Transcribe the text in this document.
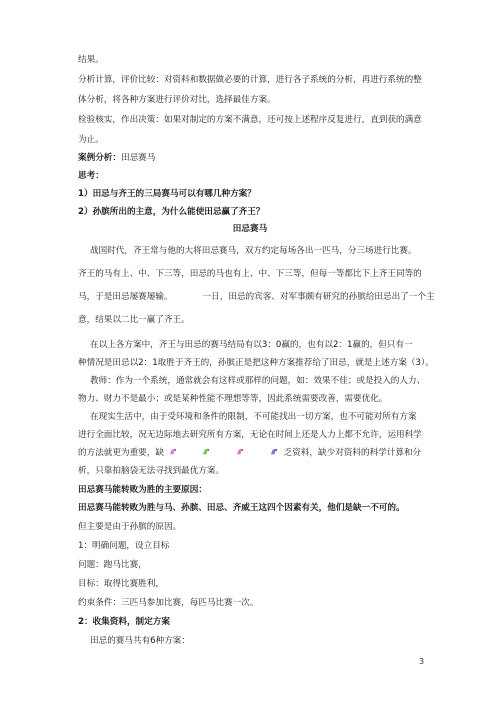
结果。
分析计算，评价比较：对资料和数据做必要的计算，进行各子系统的分析，再进行系统的整
体分析，将各种方案进行评价对比，选择最佳方案。
检验核实，作出决策：如果对制定的方案不满意，还可按上述程序反复进行，直到获的满意
为止。
案例分析：田忌赛马
思考：
1）田忌与齐王的三局赛马可以有哪几种方案？
2）孙膑所出的主意，为什么能使田忌赢了齐王？
田忌赛马
战国时代，齐王常与他的大将田忌赛马，双方约定每场各出一匹马，分三场进行比赛。
齐王的马有上、中、下三等，田忌的马也有上、中、下三等，但每一等都比下上齐王同等的
马，于是田忌屡赛屡输。	一日，田忌的宾客、对军事颇有研究的孙膑给田忌出了一个主
意，结果以二比一赢了齐王。
在以上各方案中，齐王与田忌的赛马结局有以3：0赢的，也有以2：1赢的，但只有一
种情况是田忌以2：1取胜于齐王的，孙膑正是把这种方案推荐给了田忌，就是上述方案（3）。
教师：作为一个系统，通常就会有这样或那样的问题，如：效果不佳；或是投入的人力、
物力、财力不是最小；或是某种性能不理想等等，因此系统需要改善，需要优化。
在现实生活中，由于受环境和条件的限制，不可能找出一切方案，也不可能对所有方案
进行全面比较，况无边际地去研究所有方案，无论在时间上还是人力上都不允许，运用科学
的方法就更为重要，缺	乏资料，缺少对资料的科学计算和分
析，只靠拍脑袋无法寻找到最优方案。
田忌赛马能转败为胜的主要原因：
田忌赛马能转败为胜与马、孙膑、田忌、齐威王这四个因素有关，他们是缺一不可的。
但主要是由于孙膑的原因。
1：明确问题，设立目标
问题：跑马比赛，
目标：取得比赛胜利，
约束条件：三匹马参加比赛，每匹马比赛一次。
2：收集资料，制定方案
田忌的赛马共有6种方案：
3
